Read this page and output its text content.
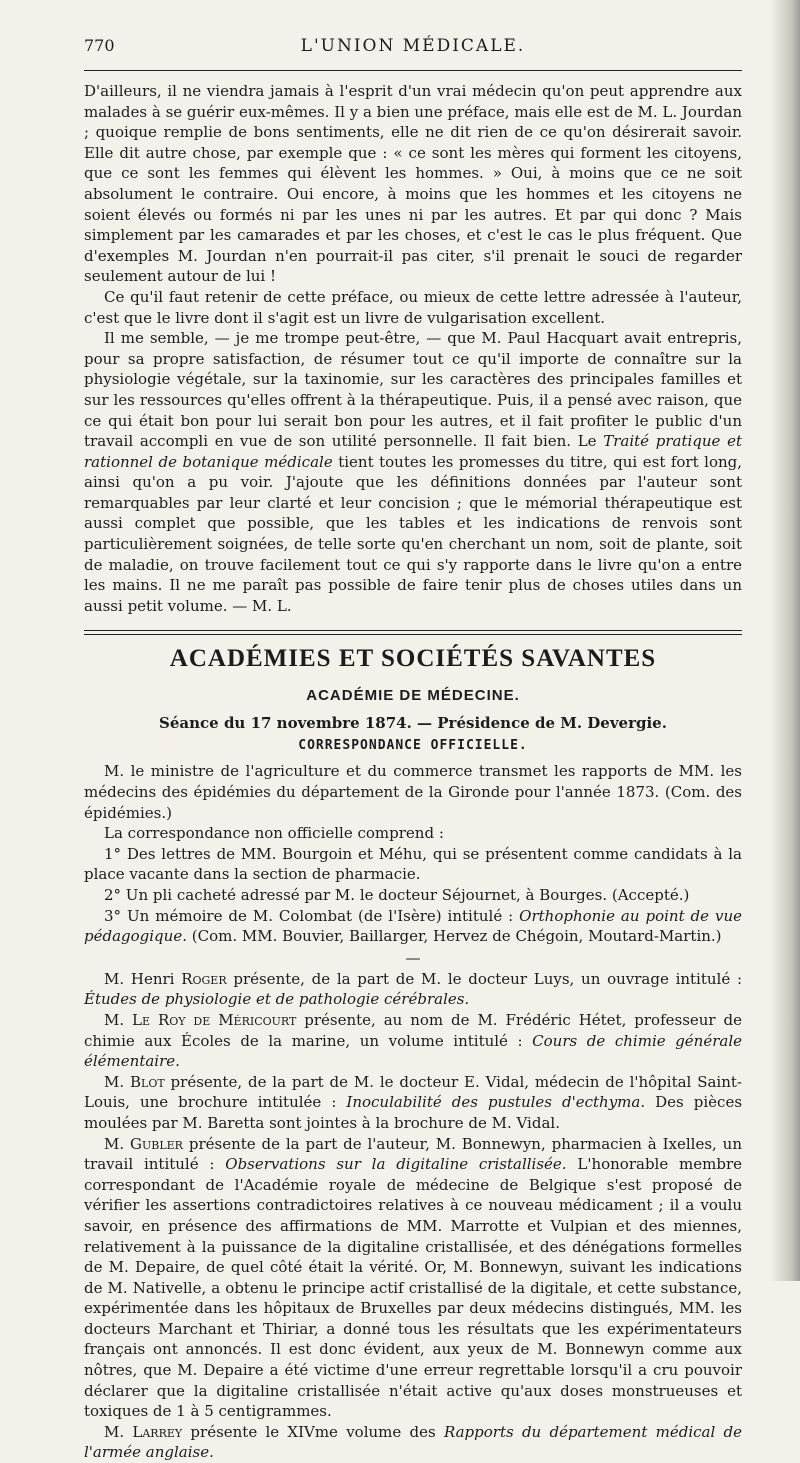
770	L'UNION MÉDICALE.

D'ailleurs, il ne viendra jamais à l'esprit d'un vrai médecin qu'on peut apprendre aux malades à se guérir eux-mêmes. Il y a bien une préface, mais elle est de M. L. Jourdan ; quoique remplie de bons sentiments, elle ne dit rien de ce qu'on désirerait savoir. Elle dit autre chose, par exemple que : « ce sont les mères qui forment les citoyens, que ce sont les femmes qui élèvent les hommes. » Oui, à moins que ce ne soit absolument le contraire. Oui encore, à moins que les hommes et les citoyens ne soient élevés ou formés ni par les unes ni par les autres. Et par qui donc ? Mais simplement par les camarades et par les choses, et c'est le cas le plus fréquent. Que d'exemples M. Jourdan n'en pourrait-il pas citer, s'il prenait le souci de regarder seulement autour de lui !

Ce qu'il faut retenir de cette préface, ou mieux de cette lettre adressée à l'auteur, c'est que le livre dont il s'agit est un livre de vulgarisation excellent.

Il me semble, — je me trompe peut-être, — que M. Paul Hacquart avait entrepris, pour sa propre satisfaction, de résumer tout ce qu'il importe de connaître sur la physiologie végétale, sur la taxinomie, sur les caractères des principales familles et sur les ressources qu'elles offrent à la thérapeutique. Puis, il a pensé avec raison, que ce qui était bon pour lui serait bon pour les autres, et il fait profiter le public d'un travail accompli en vue de son utilité personnelle. Il fait bien. Le Traité pratique et rationnel de botanique médicale tient toutes les promesses du titre, qui est fort long, ainsi qu'on a pu voir. J'ajoute que les définitions données par l'auteur sont remarquables par leur clarté et leur concision ; que le mémorial thérapeutique est aussi complet que possible, que les tables et les indications de renvois sont particulièrement soignées, de telle sorte qu'en cherchant un nom, soit de plante, soit de maladie, on trouve facilement tout ce qui s'y rapporte dans le livre qu'on a entre les mains. Il ne me paraît pas possible de faire tenir plus de choses utiles dans un aussi petit volume. — M. L.

ACADÉMIES ET SOCIÉTÉS SAVANTES
ACADÉMIE DE MÉDECINE.
Séance du 17 novembre 1874. — Présidence de M. Devergie.
CORRESPONDANCE OFFICIELLE.

M. le ministre de l'agriculture et du commerce transmet les rapports de MM. les médecins des épidémies du département de la Gironde pour l'année 1873. (Com. des épidémies.)

La correspondance non officielle comprend :

1° Des lettres de MM. Bourgoin et Méhu, qui se présentent comme candidats à la place vacante dans la section de pharmacie.

2° Un pli cacheté adressé par M. le docteur Séjournet, à Bourges. (Accepté.)

3° Un mémoire de M. Colombat (de l'Isère) intitulé : Orthophonie au point de vue pédagogique. (Com. MM. Bouvier, Baillarger, Hervez de Chégoin, Moutard-Martin.)

—

M. Henri Roger présente, de la part de M. le docteur Luys, un ouvrage intitulé : Études de physiologie et de pathologie cérébrales.

M. Le Roy de Méricourt présente, au nom de M. Frédéric Hétet, professeur de chimie aux Écoles de la marine, un volume intitulé : Cours de chimie générale élémentaire.

M. Blot présente, de la part de M. le docteur E. Vidal, médecin de l'hôpital Saint-Louis, une brochure intitulée : Inoculabilité des pustules d'ecthyma. Des pièces moulées par M. Baretta sont jointes à la brochure de M. Vidal.

M. Gubler présente de la part de l'auteur, M. Bonnewyn, pharmacien à Ixelles, un travail intitulé : Observations sur la digitaline cristallisée. L'honorable membre correspondant de l'Académie royale de médecine de Belgique s'est proposé de vérifier les assertions contradictoires relatives à ce nouveau médicament ; il a voulu savoir, en présence des affirmations de MM. Marrotte et Vulpian et des miennes, relativement à la puissance de la digitaline cristallisée, et des dénégations formelles de M. Depaire, de quel côté était la vérité. Or, M. Bonnewyn, suivant les indications de M. Nativelle, a obtenu le principe actif cristallisé de la digitale, et cette substance, expérimentée dans les hôpitaux de Bruxelles par deux médecins distingués, MM. les docteurs Marchant et Thiriar, a donné tous les résultats que les expérimentateurs français ont annoncés. Il est donc évident, aux yeux de M. Bonnewyn comme aux nôtres, que M. Depaire a été victime d'une erreur regrettable lorsqu'il a cru pouvoir déclarer que la digitaline cristallisée n'était active qu'aux doses monstrueuses et toxiques de 1 à 5 centigrammes.

M. Larrey présente le XIVme volume des Rapports du département médical de l'armée anglaise.
